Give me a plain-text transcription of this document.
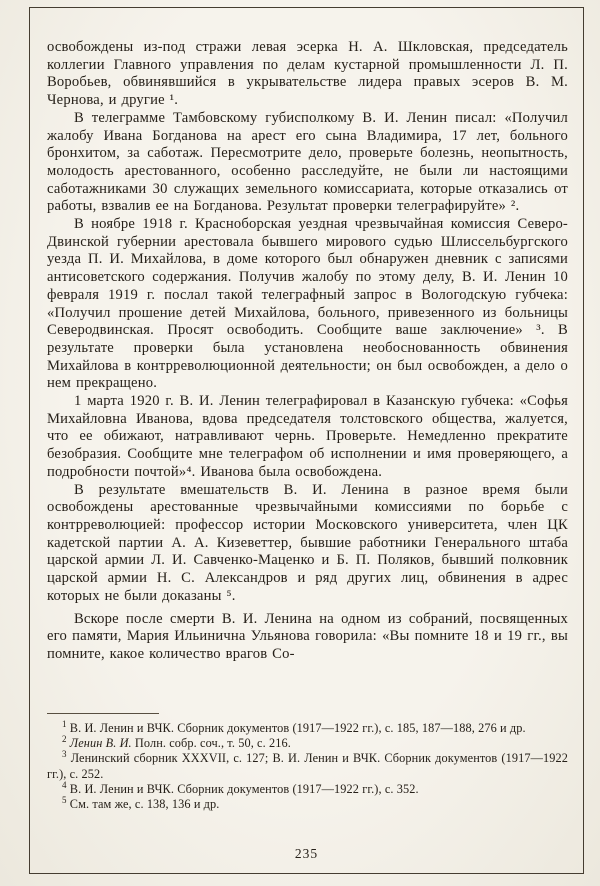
освобождены из-под стражи левая эсерка Н. А. Шкловская, председатель коллегии Главного управления по делам кустарной промышленности Л. П. Воробьев, обвинявшийся в укрывательстве лидера правых эсеров В. М. Чернова, и другие ¹.

В телеграмме Тамбовскому губисполкому В. И. Ленин писал: «Получил жалобу Ивана Богданова на арест его сына Владимира, 17 лет, больного бронхитом, за саботаж. Пересмотрите дело, проверьте болезнь, неопытность, молодость арестованного, особенно расследуйте, не были ли настоящими саботажниками 30 служащих земельного комиссариата, которые отказались от работы, взвалив ее на Богданова. Результат проверки телеграфируйте» ².

В ноябре 1918 г. Красноборская уездная чрезвычайная комиссия Северо-Двинской губернии арестовала бывшего мирового судью Шлиссельбургского уезда П. И. Михайлова, в доме которого был обнаружен дневник с записями антисоветского содержания. Получив жалобу по этому делу, В. И. Ленин 10 февраля 1919 г. послал такой телеграфный запрос в Вологодскую губчека: «Получил прошение детей Михайлова, больного, привезенного из больницы Северодвинская. Просят освободить. Сообщите ваше заключение» ³. В результате проверки была установлена необоснованность обвинения Михайлова в контрреволюционной деятельности; он был освобожден, а дело о нем прекращено.

1 марта 1920 г. В. И. Ленин телеграфировал в Казанскую губчека: «Софья Михайловна Иванова, вдова председателя толстовского общества, жалуется, что ее обижают, натравливают чернь. Проверьте. Немедленно прекратите безобразия. Сообщите мне телеграфом об исполнении и имя проверяющего, а подробности почтой»⁴. Иванова была освобождена.

В результате вмешательств В. И. Ленина в разное время были освобождены арестованные чрезвычайными комиссиями по борьбе с контрреволюцией: профессор истории Московского университета, член ЦК кадетской партии А. А. Кизеветтер, бывшие работники Генерального штаба царской армии Л. И. Савченко-Маценко и Б. П. Поляков, бывший полковник царской армии Н. С. Александров и ряд других лиц, обвинения в адрес которых не были доказаны ⁵.

Вскоре после смерти В. И. Ленина на одном из собраний, посвященных его памяти, Мария Ильинична Ульянова говорила: «Вы помните 18 и 19 гг., вы помните, какое количество врагов Со-

$^1$ В. И. Ленин и ВЧК. Сборник документов (1917—1922 гг.), с. 185, 187—188, 276 и др.

$^2$ Ленин В. И. Полн. собр. соч., т. 50, с. 216.

$^3$ Ленинский сборник XXXVII, с. 127; В. И. Ленин и ВЧК. Сборник документов (1917—1922 гг.), с. 252.

$^4$ В. И. Ленин и ВЧК. Сборник документов (1917—1922 гг.), с. 352.

$^5$ См. там же, с. 138, 136 и др.

235
